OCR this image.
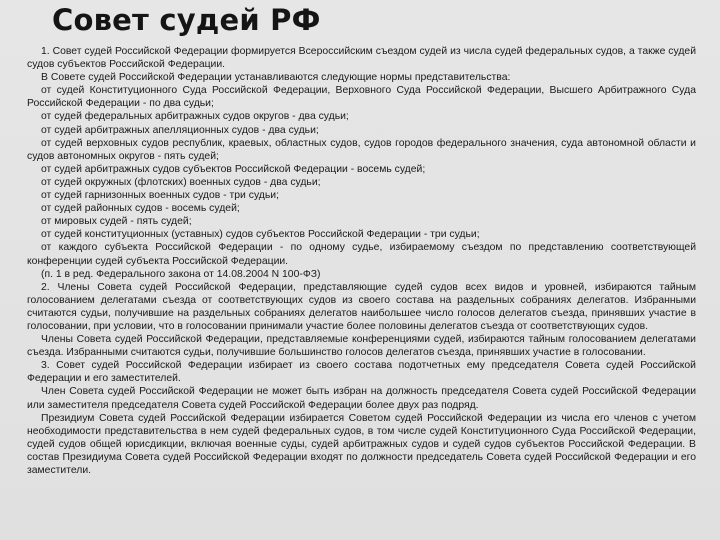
Совет судей РФ

1. Совет судей Российской Федерации формируется Всероссийским съездом судей из числа судей федеральных судов, а также судей судов субъектов Российской Федерации.

В Совете судей Российской Федерации устанавливаются следующие нормы представительства:

от судей Конституционного Суда Российской Федерации, Верховного Суда Российской Федерации, Высшего Арбитражного Суда Российской Федерации - по два судьи;

от судей федеральных арбитражных судов округов - два судьи;

от судей арбитражных апелляционных судов - два судьи;

от судей верховных судов республик, краевых, областных судов, судов городов федерального значения, суда автономной области и судов автономных округов - пять судей;

от судей арбитражных судов субъектов Российской Федерации - восемь судей;

от судей окружных (флотских) военных судов - два судьи;

от судей гарнизонных военных судов - три судьи;

от судей районных судов - восемь судей;

от мировых судей - пять судей;

от судей конституционных (уставных) судов субъектов Российской Федерации - три судьи;

от каждого субъекта Российской Федерации - по одному судье, избираемому съездом по представлению соответствующей конференции судей субъекта Российской Федерации.

(п. 1 в ред. Федерального закона от 14.08.2004 N 100-ФЗ)

2. Члены Совета судей Российской Федерации, представляющие судей судов всех видов и уровней, избираются тайным голосованием делегатами съезда от соответствующих судов из своего состава на раздельных собраниях делегатов. Избранными считаются судьи, получившие на раздельных собраниях делегатов наибольшее число голосов делегатов съезда, принявших участие в голосовании, при условии, что в голосовании принимали участие более половины делегатов съезда от соответствующих судов.

Члены Совета судей Российской Федерации, представляемые конференциями судей, избираются тайным голосованием делегатами съезда. Избранными считаются судьи, получившие большинство голосов делегатов съезда, принявших участие в голосовании.

3. Совет судей Российской Федерации избирает из своего состава подотчетных ему председателя Совета судей Российской Федерации и его заместителей.

Член Совета судей Российской Федерации не может быть избран на должность председателя Совета судей Российской Федерации или заместителя председателя Совета судей Российской Федерации более двух раз подряд.

Президиум Совета судей Российской Федерации избирается Советом судей Российской Федерации из числа его членов с учетом необходимости представительства в нем судей федеральных судов, в том числе судей Конституционного Суда Российской Федерации, судей судов общей юрисдикции, включая военные суды, судей арбитражных судов и судей судов субъектов Российской Федерации. В состав Президиума Совета судей Российской Федерации входят по должности председатель Совета судей Российской Федерации и его заместители.
